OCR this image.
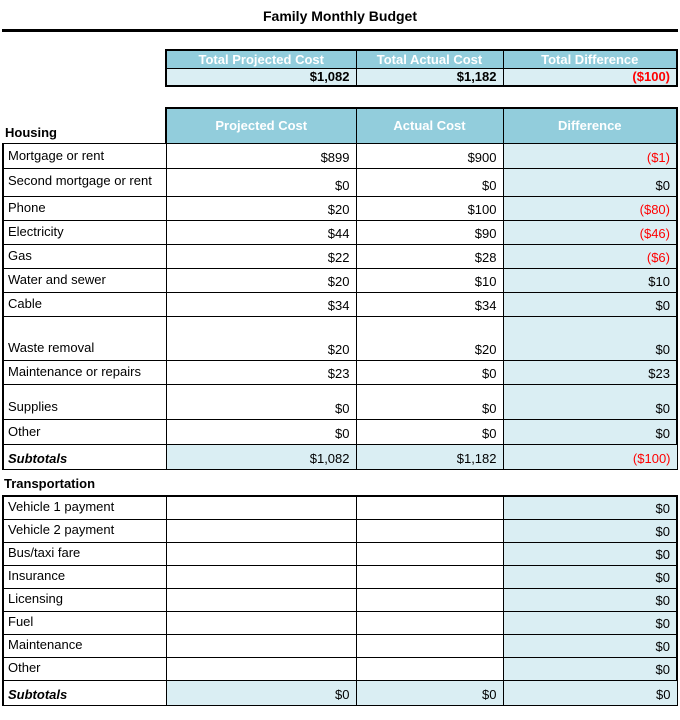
Family Monthly Budget
Total Projected Cost	Total Actual Cost	Total Difference
$1,082	$1,182	($100)
Housing	Projected Cost	Actual Cost	Difference

Mortgage or rent	$899	$900	($1)

Second mortgage or rent	$0	$0	$0

Phone	$20	$100	($80)

Electricity	$44	$90	($46)

Gas	$22	$28	($6)

Water and sewer	$20	$10	$10

Cable	$34	$34	$0

Waste removal	$20	$20	$0

Maintenance or repairs	$23	$0	$23

Supplies	$0	$0	$0

Other	$0	$0	$0
Subtotals	$1,082	$1,182	($100)
Transportation
Vehicle 1 payment			$0

Vehicle 2 payment			$0

Bus/taxi fare			$0

Insurance			$0

Licensing			$0

Fuel			$0

Maintenance			$0

Other			$0
Subtotals	$0	$0	$0
